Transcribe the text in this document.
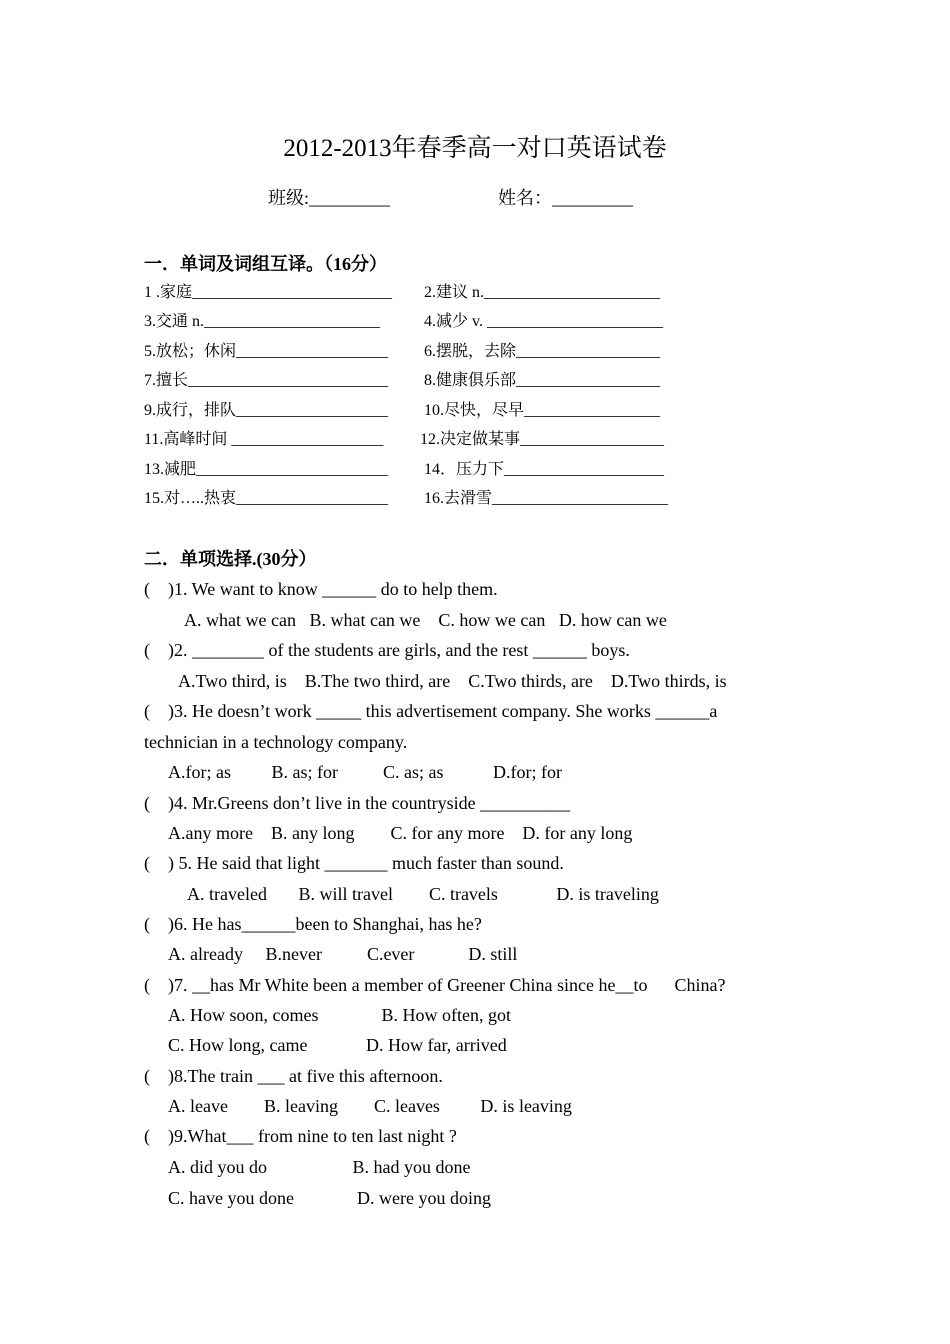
2012-2013年春季高一对口英语试卷
班级:_________	姓名：_________
一．单词及词组互译。（16分）
1 .家庭_________________________ 2.建议 n.______________________
3.交通 n.______________________	4.减少 v. ______________________
5.放松；休闲___________________ 6.摆脱，去除__________________
7.擅长_________________________ 8.健康俱乐部__________________
9.成行，排队___________________ 10.尽快，尽早_________________
11.高峰时间 ___________________ 12.决定做某事__________________
13.减肥________________________ 14．压力下____________________
15.对…..热衷___________________ 16.去滑雪______________________
二．单项选择.(30分）
(    )1. We want to know ______ do to help them.
A. what we can   B. what can we    C. how we can   D. how can we
(    )2. ________ of the students are girls, and the rest ______ boys.
A.Two third, is    B.The two third, are    C.Two thirds, are    D.Two thirds, is
(    )3. He doesn’t work _____ this advertisement company. She works ______a
technician in a technology company.
A.for; as         B. as; for          C. as; as           D.for; for
(    )4. Mr.Greens don’t live in the countryside __________
A.any more    B. any long        C. for any more    D. for any long
(    ) 5. He said that light _______ much faster than sound.
A. traveled       B. will travel        C. travels             D. is traveling
(    )6. He has______been to Shanghai, has he?
A. already     B.never          C.ever            D. still
(    )7. __has Mr White been a member of Greener China since he__to      China?
A. How soon, comes              B. How often, got
C. How long, came             D. How far, arrived
(    )8.The train ___ at five this afternoon.
A. leave        B. leaving        C. leaves         D. is leaving
(    )9.What___ from nine to ten last night ?
A. did you do                   B. had you done
C. have you done              D. were you doing
